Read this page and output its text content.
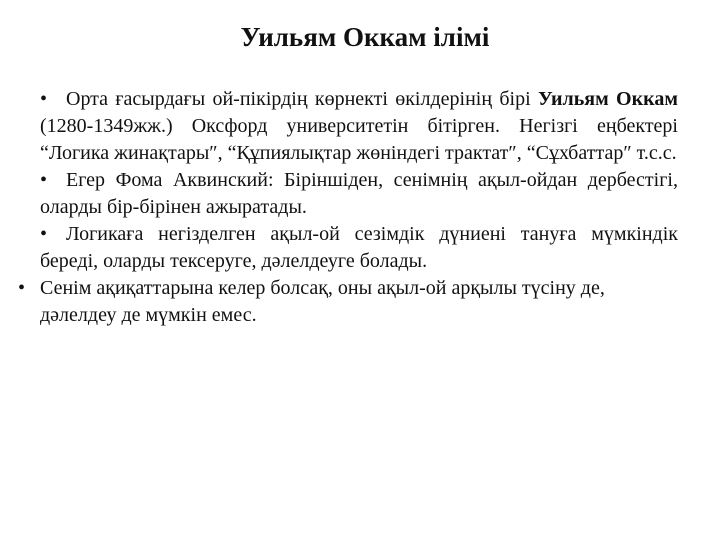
Уильям Оккам ілімі

• Орта ғасырдағы ой-пікірдің көрнекті өкілдерінің бірі Уильям Оккам (1280-1349жж.) Оксфорд университетін бітірген. Негізгі еңбектері “Логика жинақтары″, “Құпиялықтар жөніндегі трактат″, “Сұхбаттар″ т.с.с.

• Егер Фома Аквинский: Біріншіден, сенімнің ақыл-ойдан дербестігі, оларды бір-бірінен ажыратады.

• Логикаға негізделген ақыл-ой сезімдік дүниені тануға мүмкіндік береді, оларды тексеруге, дәлелдеуге болады.

• Сенім ақиқаттарына келер болсақ, оны ақыл-ой арқылы түсіну де, дәлелдеу де мүмкін емес.
